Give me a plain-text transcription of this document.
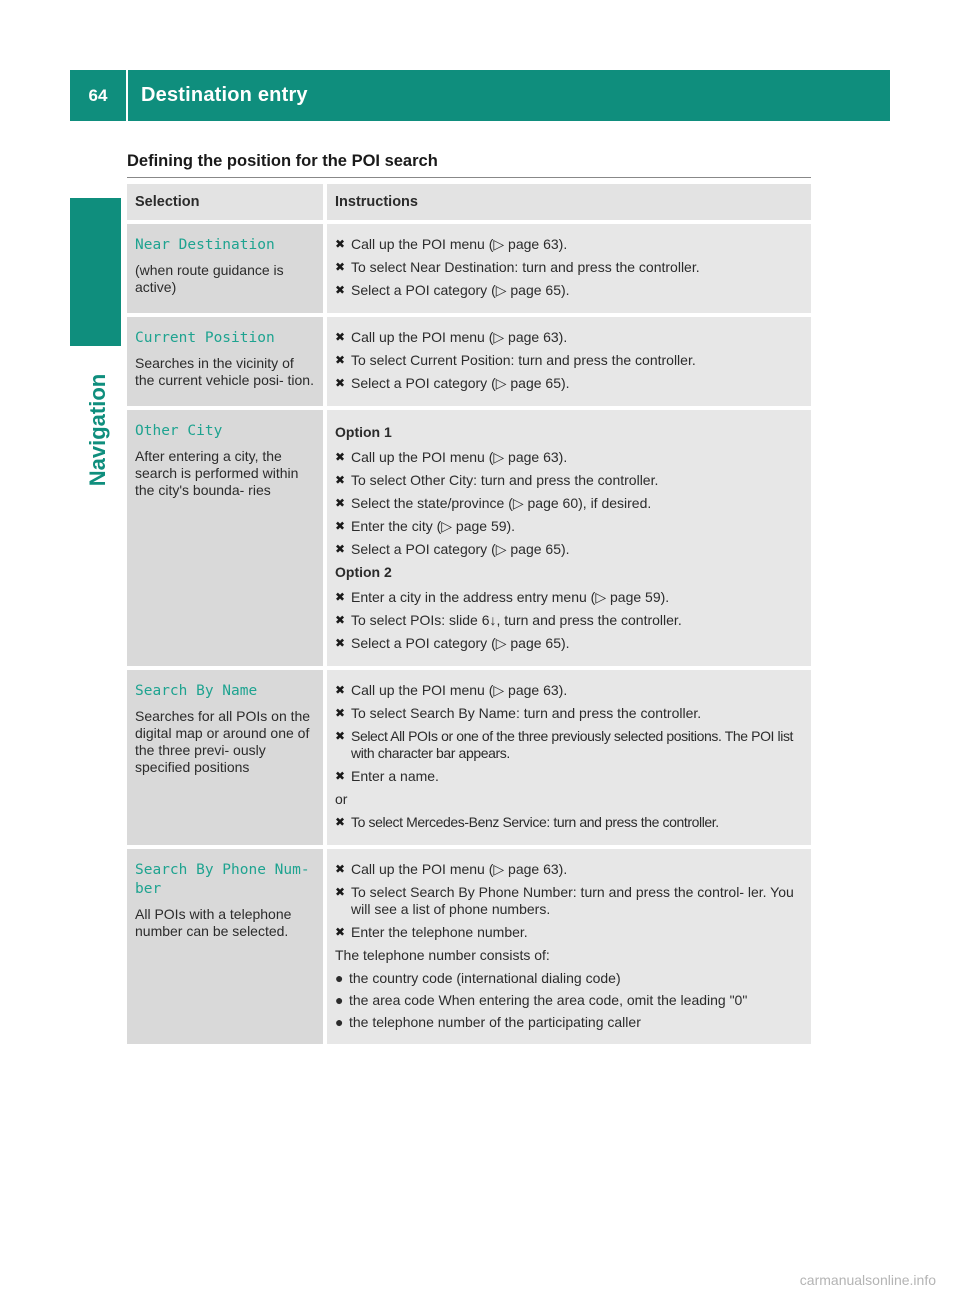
64	Destination entry
Navigation
Defining the position for the POI search
Selection	Instructions
Near Destination
(when route guidance is active)
✖ Call up the POI menu (▷ page 63).
✖ To select Near Destination: turn and press the controller.
✖ Select a POI category (▷ page 65).
Current Position
Searches in the vicinity of the current vehicle posi- tion.
✖ Call up the POI menu (▷ page 63).
✖ To select Current Position: turn and press the controller.
✖ Select a POI category (▷ page 65).
Other City
After entering a city, the search is performed within the city's bounda- ries
Option 1
✖ Call up the POI menu (▷ page 63).
✖ To select Other City: turn and press the controller.
✖ Select the state/province (▷ page 60), if desired.
✖ Enter the city (▷ page 59).
✖ Select a POI category (▷ page 65).
Option 2
✖ Enter a city in the address entry menu (▷ page 59).
✖ To select POIs: slide 6↓, turn and press the controller.
✖ Select a POI category (▷ page 65).
Search By Name
Searches for all POIs on the digital map or around one of the three previ- ously specified positions
✖ Call up the POI menu (▷ page 63).
✖ To select Search By Name: turn and press the controller.
✖ Select All POIs or one of the three previously selected positions. The POI list with character bar appears.
✖ Enter a name.
or
✖ To select Mercedes-Benz Service: turn and press the controller.
Search By Phone Num- ber
All POIs with a telephone number can be selected.
✖ Call up the POI menu (▷ page 63).
✖ To select Search By Phone Number: turn and press the control- ler. You will see a list of phone numbers.
✖ Enter the telephone number.
The telephone number consists of:
● the country code (international dialing code)
● the area code When entering the area code, omit the leading "0"
● the telephone number of the participating caller
carmanualsonline.info
